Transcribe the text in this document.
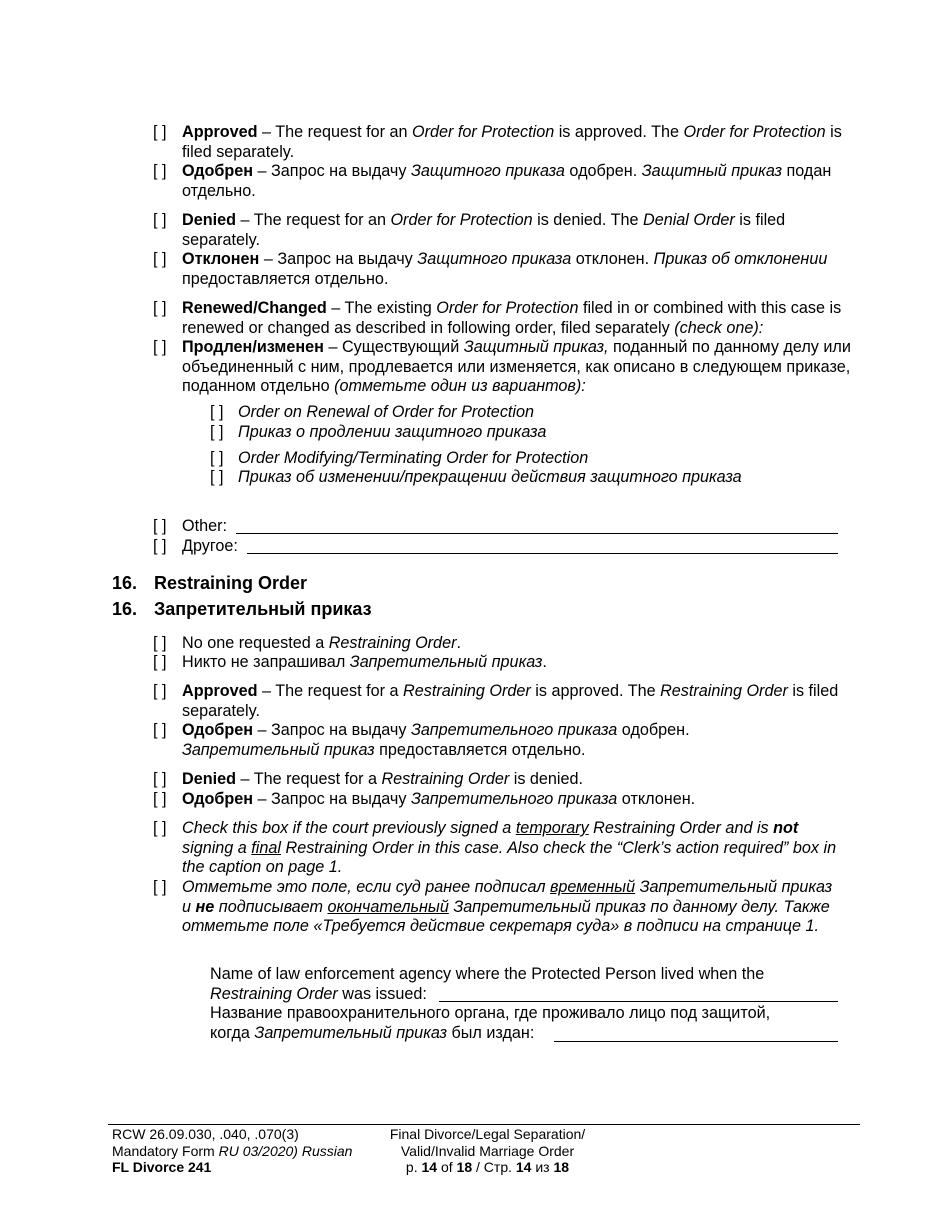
[ ] Approved – The request for an Order for Protection is approved. The Order for Protection is filed separately.
[ ] Одобрен – Запрос на выдачу Защитного приказа одобрен. Защитный приказ подан отдельно.
[ ] Denied – The request for an Order for Protection is denied. The Denial Order is filed separately.
[ ] Отклонен – Запрос на выдачу Защитного приказа отклонен. Приказ об отклонении предоставляется отдельно.
[ ] Renewed/Changed – The existing Order for Protection filed in or combined with this case is renewed or changed as described in following order, filed separately (check one):
[ ] Продлен/изменен – Существующий Защитный приказ, поданный по данному делу или объединенный с ним, продлевается или изменяется, как описано в следующем приказе, поданном отдельно (отметьте один из вариантов):
[ ] Order on Renewal of Order for Protection
[ ] Приказ о продлении защитного приказа
[ ] Order Modifying/Terminating Order for Protection
[ ] Приказ об изменении/прекращении действия защитного приказа
[ ] Other:
[ ] Другое:
16. Restraining Order
16. Запретительный приказ
[ ] No one requested a Restraining Order.
[ ] Никто не запрашивал Запретительный приказ.
[ ] Approved – The request for a Restraining Order is approved. The Restraining Order is filed separately.
[ ] Одобрен – Запрос на выдачу Запретительного приказа одобрен. Запретительный приказ предоставляется отдельно.
[ ] Denied – The request for a Restraining Order is denied.
[ ] Одобрен – Запрос на выдачу Запретительного приказа отклонен.
[ ] Check this box if the court previously signed a temporary Restraining Order and is not signing a final Restraining Order in this case. Also check the “Clerk’s action required” box in the caption on page 1.
[ ] Отметьте это поле, если суд ранее подписал временный Запретительный приказ и не подписывает окончательный Запретительный приказ по данному делу. Также отметьте поле «Требуется действие секретаря суда» в подписи на странице 1.
Name of law enforcement agency where the Protected Person lived when the Restraining Order was issued:
Название правоохранительного органа, где проживало лицо под защитой, когда Запретительный приказ был издан:
RCW 26.09.030, .040, .070(3)
Mandatory Form RU 03/2020) Russian
FL Divorce 241
Final Divorce/Legal Separation/
Valid/Invalid Marriage Order
p. 14 of 18 / Стр. 14 из 18
